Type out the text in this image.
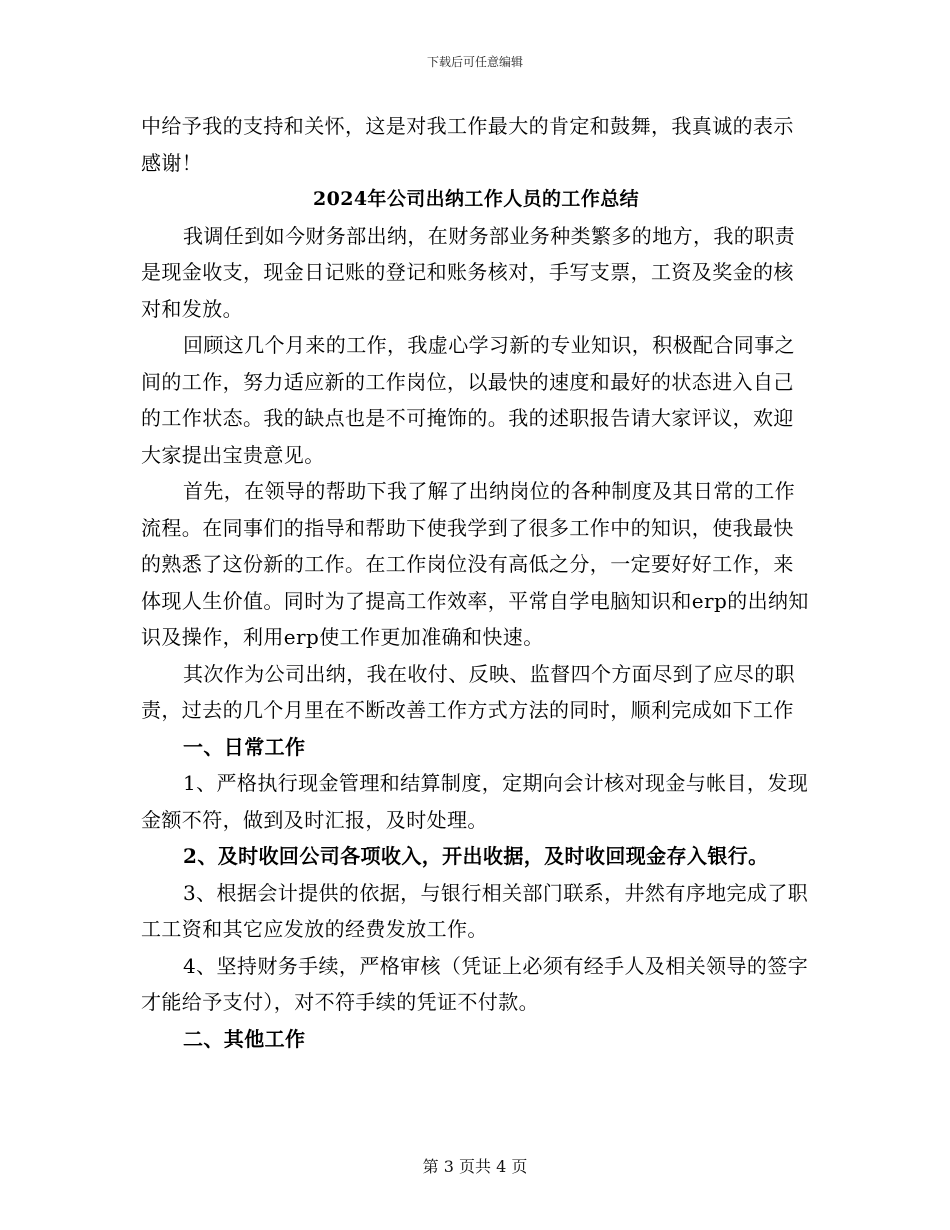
下载后可任意编辑

中给予我的支持和关怀，这是对我工作最大的肯定和鼓舞，我真诚的表示感谢！

2024年公司出纳工作人员的工作总结

我调任到如今财务部出纳，在财务部业务种类繁多的地方，我的职责是现金收支，现金日记账的登记和账务核对，手写支票，工资及奖金的核对和发放。

回顾这几个月来的工作，我虚心学习新的专业知识，积极配合同事之间的工作，努力适应新的工作岗位，以最快的速度和最好的状态进入自己的工作状态。我的缺点也是不可掩饰的。我的述职报告请大家评议，欢迎大家提出宝贵意见。

首先，在领导的帮助下我了解了出纳岗位的各种制度及其日常的工作流程。在同事们的指导和帮助下使我学到了很多工作中的知识，使我最快的熟悉了这份新的工作。在工作岗位没有高低之分，一定要好好工作，来体现人生价值。同时为了提高工作效率，平常自学电脑知识和erp的出纳知识及操作，利用erp使工作更加准确和快速。

其次作为公司出纳，我在收付、反映、监督四个方面尽到了应尽的职责，过去的几个月里在不断改善工作方式方法的同时，顺利完成如下工作

一、日常工作

1、严格执行现金管理和结算制度，定期向会计核对现金与帐目，发现金额不符，做到及时汇报，及时处理。

2、及时收回公司各项收入，开出收据，及时收回现金存入银行。

3、根据会计提供的依据，与银行相关部门联系，井然有序地完成了职工工资和其它应发放的经费发放工作。

4、坚持财务手续，严格审核（凭证上必须有经手人及相关领导的签字才能给予支付），对不符手续的凭证不付款。

二、其他工作

第 3 页共 4 页
